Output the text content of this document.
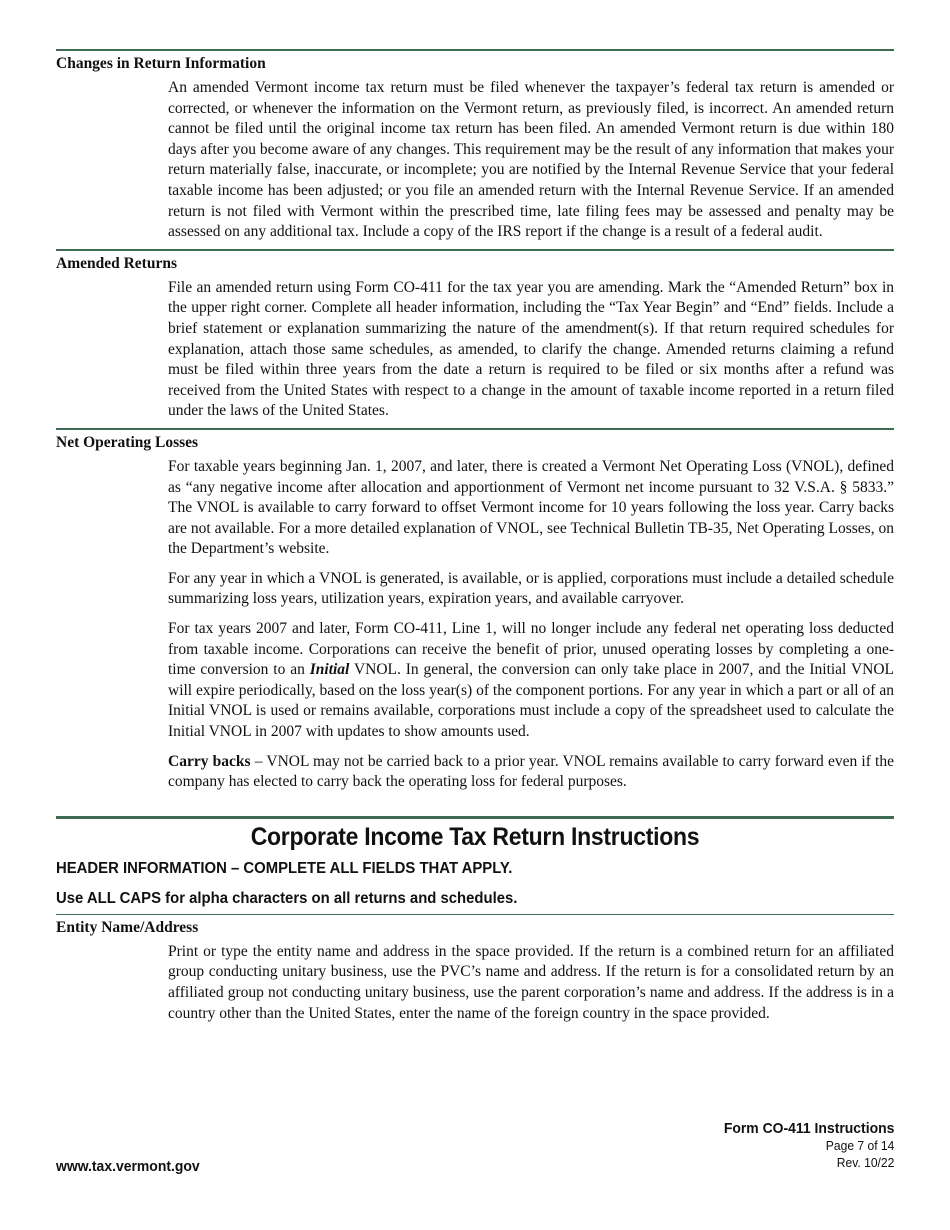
Changes in Return Information

An amended Vermont income tax return must be filed whenever the taxpayer’s federal tax return is amended or corrected, or whenever the information on the Vermont return, as previously filed, is incorrect. An amended return cannot be filed until the original income tax return has been filed. An amended Vermont return is due within 180 days after you become aware of any changes. This requirement may be the result of any information that makes your return materially false, inaccurate, or incomplete; you are notified by the Internal Revenue Service that your federal taxable income has been adjusted; or you file an amended return with the Internal Revenue Service. If an amended return is not filed with Vermont within the prescribed time, late filing fees may be assessed and penalty may be assessed on any additional tax. Include a copy of the IRS report if the change is a result of a federal audit.

Amended Returns

File an amended return using Form CO-411 for the tax year you are amending. Mark the “Amended Return” box in the upper right corner. Complete all header information, including the “Tax Year Begin” and “End” fields. Include a brief statement or explanation summarizing the nature of the amendment(s). If that return required schedules for explanation, attach those same schedules, as amended, to clarify the change. Amended returns claiming a refund must be filed within three years from the date a return is required to be filed or six months after a refund was received from the United States with respect to a change in the amount of taxable income reported in a return filed under the laws of the United States.

Net Operating Losses

For taxable years beginning Jan. 1, 2007, and later, there is created a Vermont Net Operating Loss (VNOL), defined as “any negative income after allocation and apportionment of Vermont net income pursuant to 32 V.S.A. § 5833.” The VNOL is available to carry forward to offset Vermont income for 10 years following the loss year. Carry backs are not available. For a more detailed explanation of VNOL, see Technical Bulletin TB-35, Net Operating Losses, on the Department’s website.

For any year in which a VNOL is generated, is available, or is applied, corporations must include a detailed schedule summarizing loss years, utilization years, expiration years, and available carryover.

For tax years 2007 and later, Form CO-411, Line 1, will no longer include any federal net operating loss deducted from taxable income. Corporations can receive the benefit of prior, unused operating losses by completing a one-time conversion to an Initial VNOL. In general, the conversion can only take place in 2007, and the Initial VNOL will expire periodically, based on the loss year(s) of the component portions. For any year in which a part or all of an Initial VNOL is used or remains available, corporations must include a copy of the spreadsheet used to calculate the Initial VNOL in 2007 with updates to show amounts used.

Carry backs – VNOL may not be carried back to a prior year. VNOL remains available to carry forward even if the company has elected to carry back the operating loss for federal purposes.

Corporate Income Tax Return Instructions
HEADER INFORMATION – COMPLETE ALL FIELDS THAT APPLY.
Use ALL CAPS for alpha characters on all returns and schedules.
Entity Name/Address

Print or type the entity name and address in the space provided. If the return is a combined return for an affiliated group conducting unitary business, use the PVC’s name and address. If the return is for a consolidated return by an affiliated group not conducting unitary business, use the parent corporation’s name and address. If the address is in a country other than the United States, enter the name of the foreign country in the space provided.

Form CO-411 Instructions
Page 7 of 14
Rev. 10/22
www.tax.vermont.gov
